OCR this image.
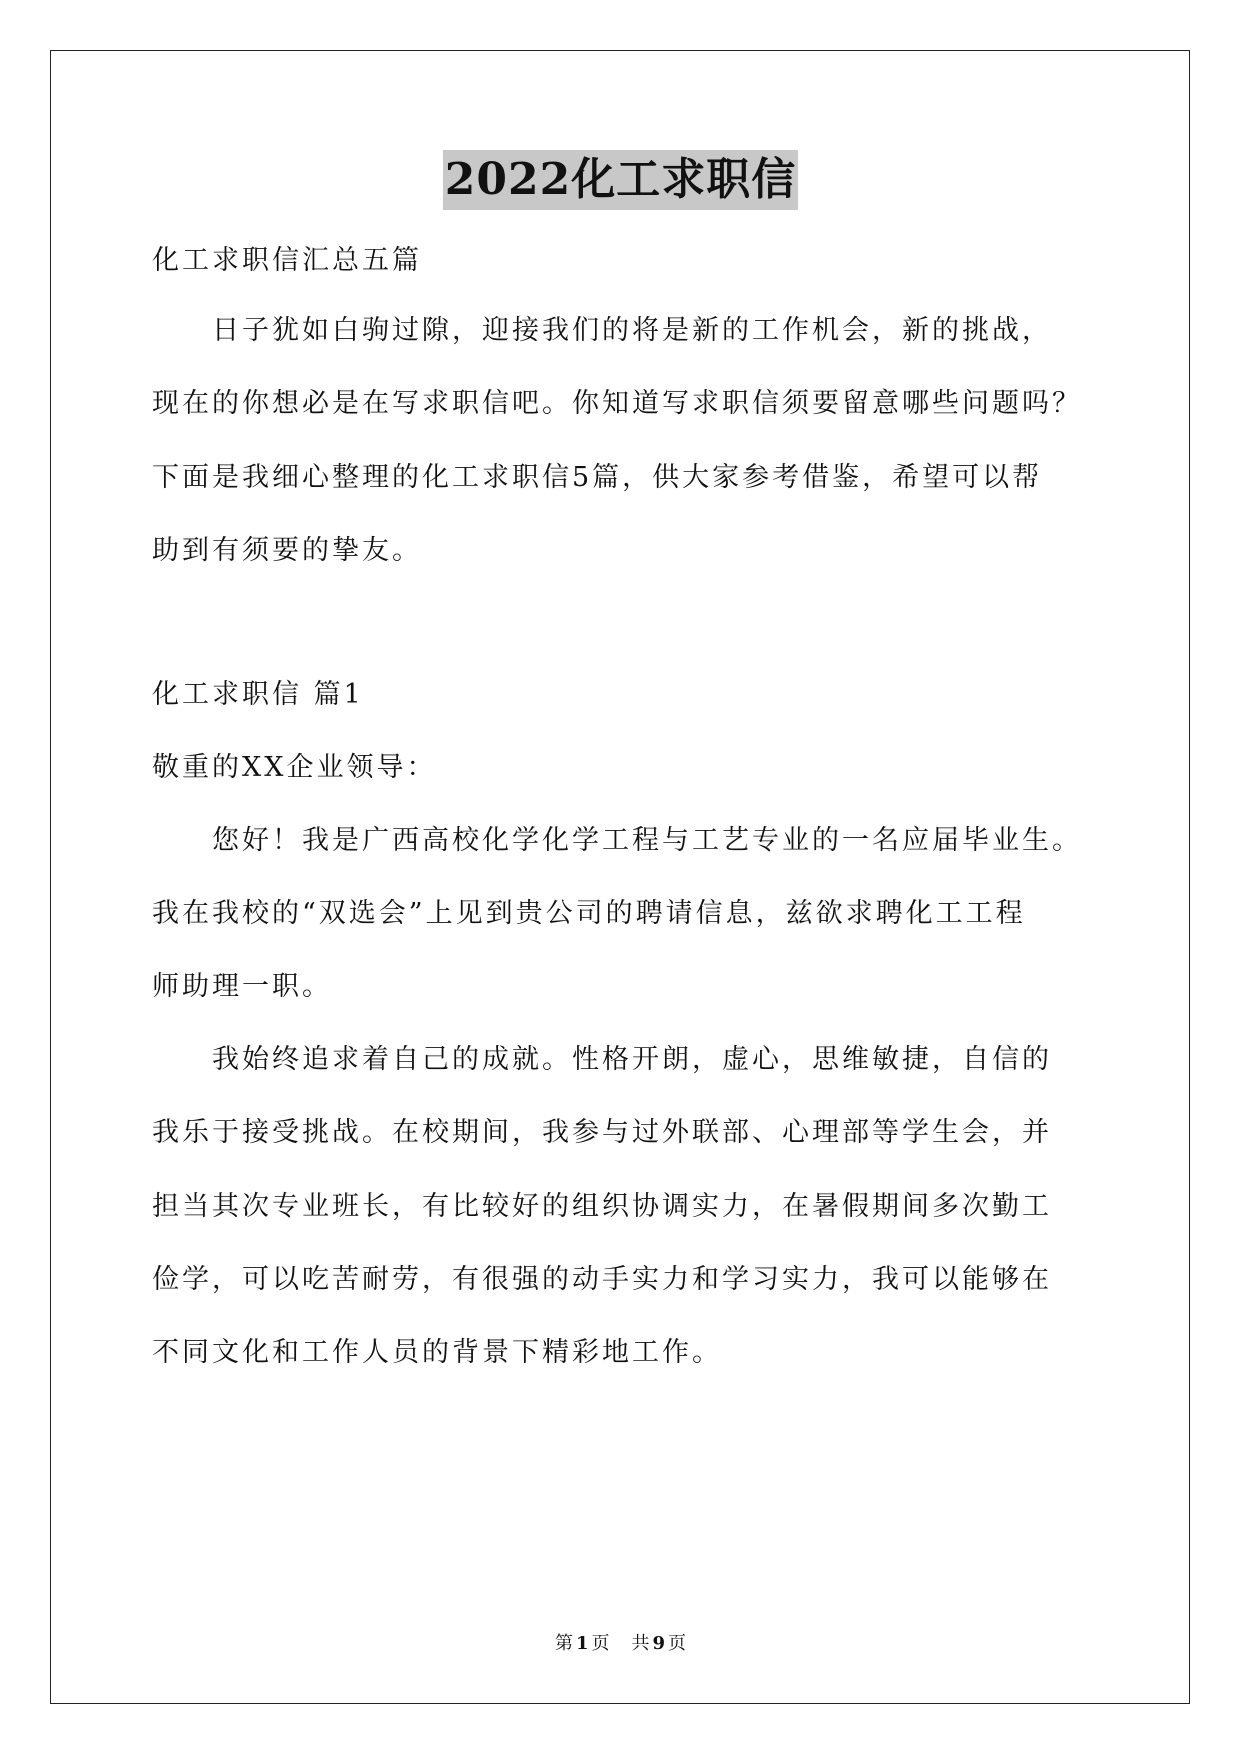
2022化工求职信
化工求职信汇总五篇
　　日子犹如白驹过隙，迎接我们的将是新的工作机会，新的挑战，
现在的你想必是在写求职信吧。你知道写求职信须要留意哪些问题吗？
下面是我细心整理的化工求职信5篇，供大家参考借鉴，希望可以帮
助到有须要的挚友。
化工求职信 篇1
敬重的XX企业领导：
　　您好！我是广西高校化学化学工程与工艺专业的一名应届毕业生。
我在我校的“双选会”上见到贵公司的聘请信息，兹欲求聘化工工程
师助理一职。
　　我始终追求着自己的成就。性格开朗，虚心，思维敏捷，自信的
我乐于接受挑战。在校期间，我参与过外联部、心理部等学生会，并
担当其次专业班长，有比较好的组织协调实力，在暑假期间多次勤工
俭学，可以吃苦耐劳，有很强的动手实力和学习实力，我可以能够在
不同文化和工作人员的背景下精彩地工作。
第 1 页 共 9 页
